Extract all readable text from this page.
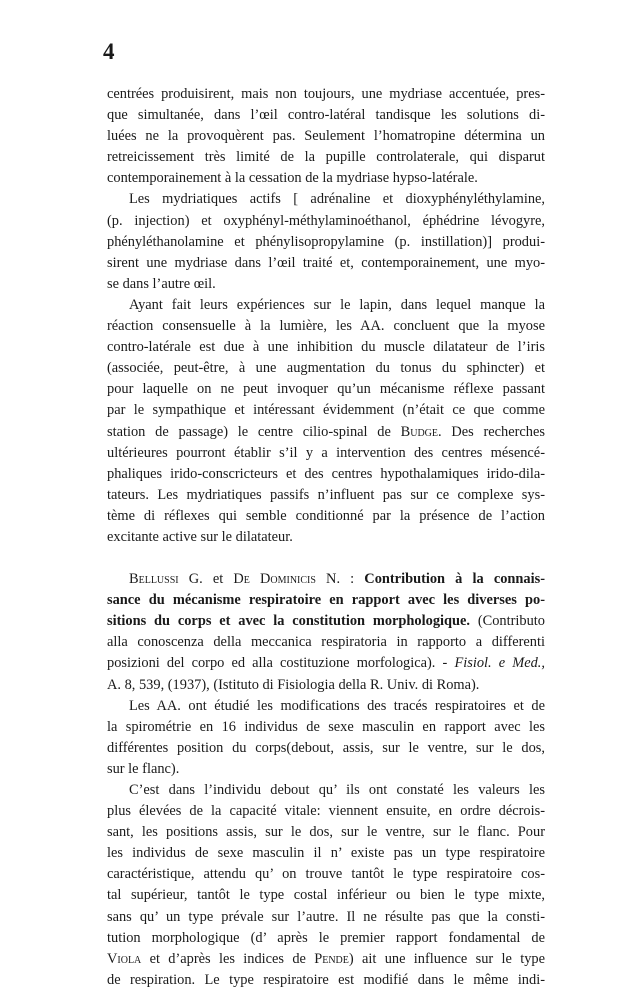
4
centrées produisirent, mais non toujours, une mydriase accentuée, pres-
que simultanée, dans l’œil contro-latéral tandisque les solutions di-
luées ne la provoquèrent pas. Seulement l’homatropine détermina un
retreicissement très limité de la pupille controlaterale, qui disparut
contemporainement à la cessation de la mydriase hypso-latérale.
Les mydriatiques actifs [ adrénaline et dioxyphényléthylamine,
(p. injection) et oxyphényl-méthylaminoéthanol, éphédrine lévogyre,
phényléthanolamine et phénylisopropylamine (p. instillation)] produi-
sirent une mydriase dans l’œil traité et, contemporainement, une myo-
se dans l’autre œil.
Ayant fait leurs expériences sur le lapin, dans lequel manque la
réaction consensuelle à la lumière, les AA. concluent que la myose
contro-latérale est due à une inhibition du muscle dilatateur de l’iris
(associée, peut-être, à une augmentation du tonus du sphincter) et
pour laquelle on ne peut invoquer qu’un mécanisme réflexe passant
par le sympathique et intéressant évidemment (n’était ce que comme
station de passage) le centre cilio-spinal de Budge. Des recherches
ultérieures pourront établir s’il y a intervention des centres mésencé-
phaliques irido-conscricteurs et des centres hypothalamiques irido-dila-
tateurs. Les mydriatiques passifs n’influent pas sur ce complexe sys-
tème di réflexes qui semble conditionné par la présence de l’action
excitante active sur le dilatateur.
Bellussi G. et De Dominicis N. : Contribution à la connais-
sance du mécanisme respiratoire en rapport avec les diverses po-
sitions du corps et avec la constitution morphologique. (Contributo
alla conoscenza della meccanica respiratoria in rapporto a differenti
posizioni del corpo ed alla costituzione morfologica). - Fisiol. e Med.,
A. 8, 539, (1937), (Istituto di Fisiologia della R. Univ. di Roma).
Les AA. ont étudié les modifications des tracés respiratoires et de
la spirométrie en 16 individus de sexe masculin en rapport avec les
différentes position du corps(debout, assis, sur le ventre, sur le dos,
sur le flanc).
C’est dans l’individu debout qu’ ils ont constaté les valeurs les
plus élevées de la capacité vitale: viennent ensuite, en ordre décrois-
sant, les positions assis, sur le dos, sur le ventre, sur le flanc. Pour
les individus de sexe masculin il n’ existe pas un type respiratoire
caractéristique, attendu qu’ on trouve tantôt le type respiratoire cos-
tal supérieur, tantôt le type costal inférieur ou bien le type mixte,
sans qu’ un type prévale sur l’autre. Il ne résulte pas que la consti-
tution morphologique (d’ après le premier rapport fondamental de
Viola et d’après les indices de Pende) ait une influence sur le type
de respiration. Le type respiratoire est modifié dans le même indi-
